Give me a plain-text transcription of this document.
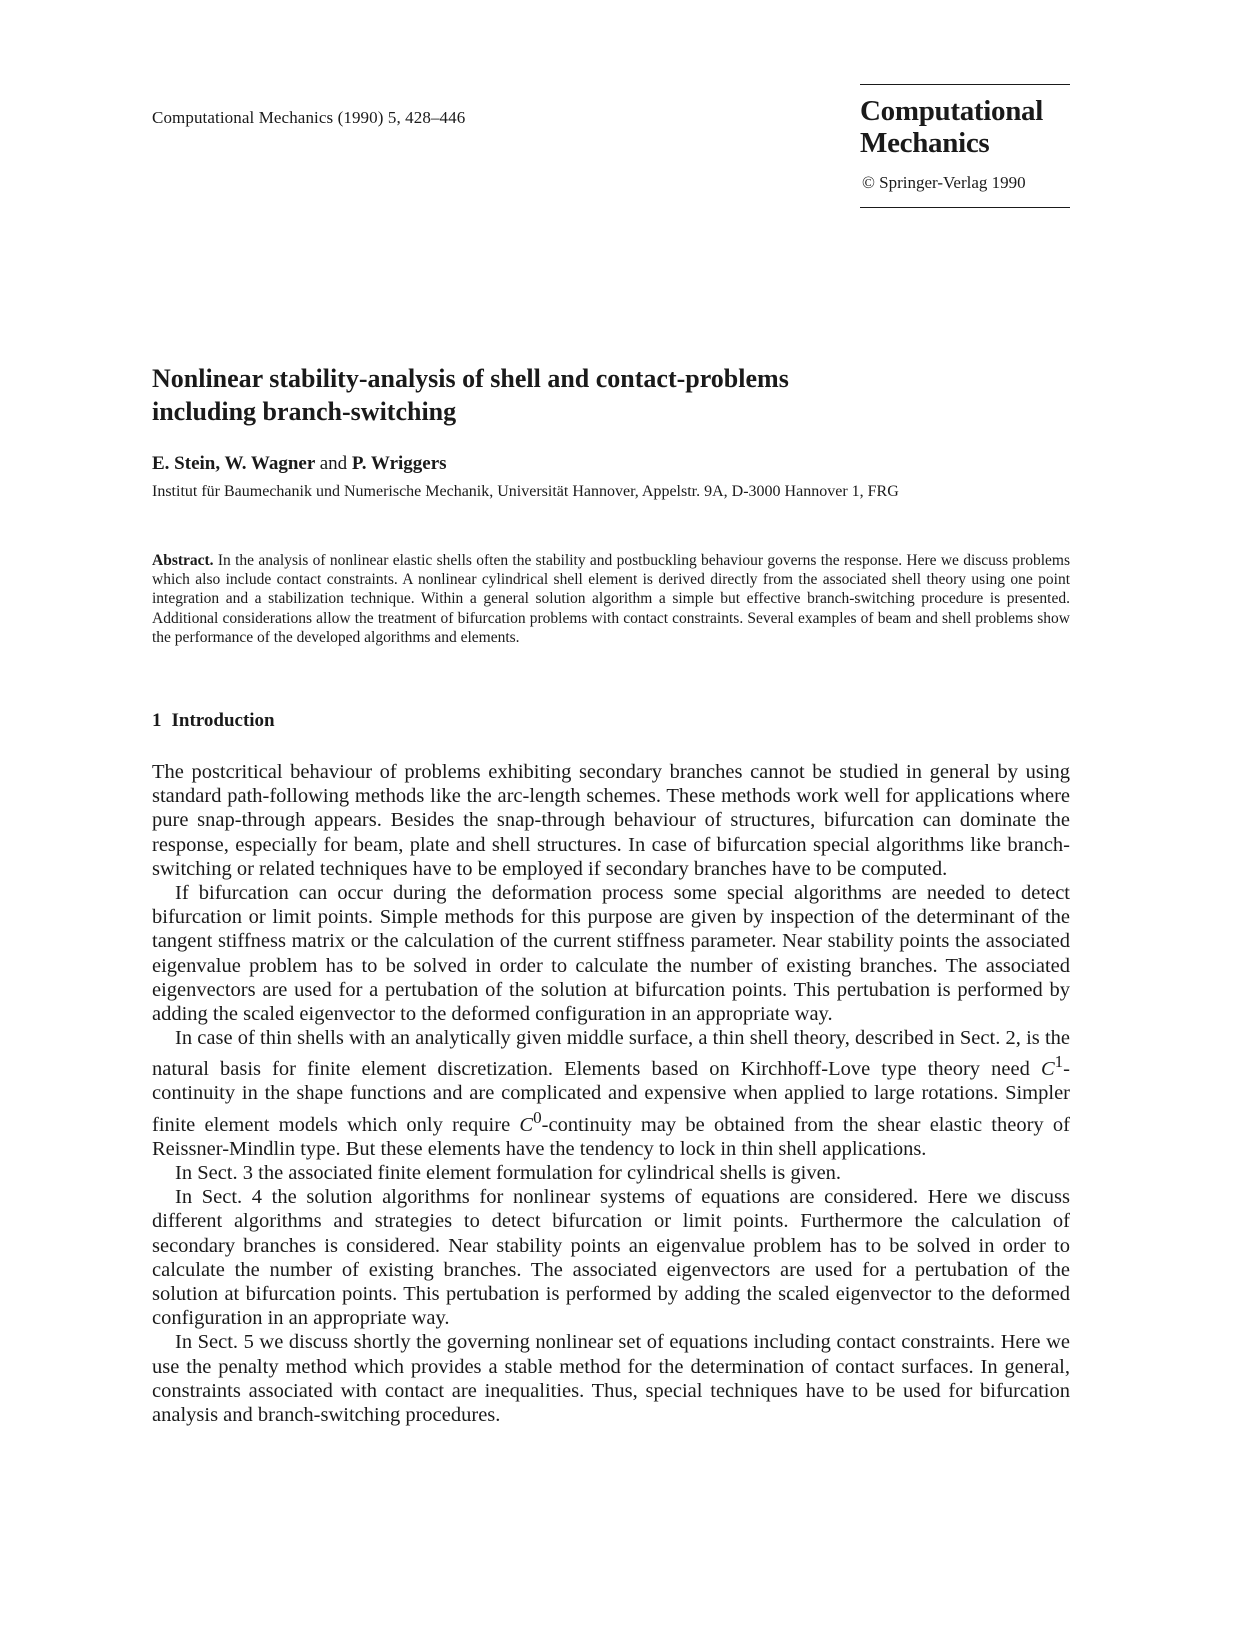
Computational Mechanics (1990) 5, 428–446	Computational
Mechanics
© Springer-Verlag 1990
Nonlinear stability-analysis of shell and contact-problems
including branch-switching
E. Stein, W. Wagner and P. Wriggers
Institut für Baumechanik und Numerische Mechanik, Universität Hannover, Appelstr. 9A, D-3000 Hannover 1, FRG

Abstract. In the analysis of nonlinear elastic shells often the stability and postbuckling behaviour governs the response. Here we discuss problems which also include contact constraints. A nonlinear cylindrical shell element is derived directly from the associated shell theory using one point integration and a stabilization technique. Within a general solution algorithm a simple but effective branch-switching procedure is presented. Additional considerations allow the treatment of bifurcation problems with contact constraints. Several examples of beam and shell problems show the performance of the developed algorithms and elements.

1 Introduction

The postcritical behaviour of problems exhibiting secondary branches cannot be studied in general by using standard path-following methods like the arc-length schemes. These methods work well for applications where pure snap-through appears. Besides the snap-through behaviour of structures, bifurcation can dominate the response, especially for beam, plate and shell structures. In case of bifurcation special algorithms like branch-switching or related techniques have to be employed if secondary branches have to be computed.

If bifurcation can occur during the deformation process some special algorithms are needed to detect bifurcation or limit points. Simple methods for this purpose are given by inspection of the determinant of the tangent stiffness matrix or the calculation of the current stiffness parameter. Near stability points the associated eigenvalue problem has to be solved in order to calculate the number of existing branches. The associated eigenvectors are used for a pertubation of the solution at bifurcation points. This pertubation is performed by adding the scaled eigenvector to the deformed configuration in an appropriate way.

In case of thin shells with an analytically given middle surface, a thin shell theory, described in Sect. 2, is the natural basis for finite element discretization. Elements based on Kirchhoff-Love type theory need $C^1$-continuity in the shape functions and are complicated and expensive when applied to large rotations. Simpler finite element models which only require $C^0$-continuity may be obtained from the shear elastic theory of Reissner-Mindlin type. But these elements have the tendency to lock in thin shell applications.

In Sect. 3 the associated finite element formulation for cylindrical shells is given.

In Sect. 4 the solution algorithms for nonlinear systems of equations are considered. Here we discuss different algorithms and strategies to detect bifurcation or limit points. Furthermore the calculation of secondary branches is considered. Near stability points an eigenvalue problem has to be solved in order to calculate the number of existing branches. The associated eigenvectors are used for a pertubation of the solution at bifurcation points. This pertubation is performed by adding the scaled eigenvector to the deformed configuration in an appropriate way.

In Sect. 5 we discuss shortly the governing nonlinear set of equations including contact constraints. Here we use the penalty method which provides a stable method for the determination of contact surfaces. In general, constraints associated with contact are inequalities. Thus, special techniques have to be used for bifurcation analysis and branch-switching procedures.
